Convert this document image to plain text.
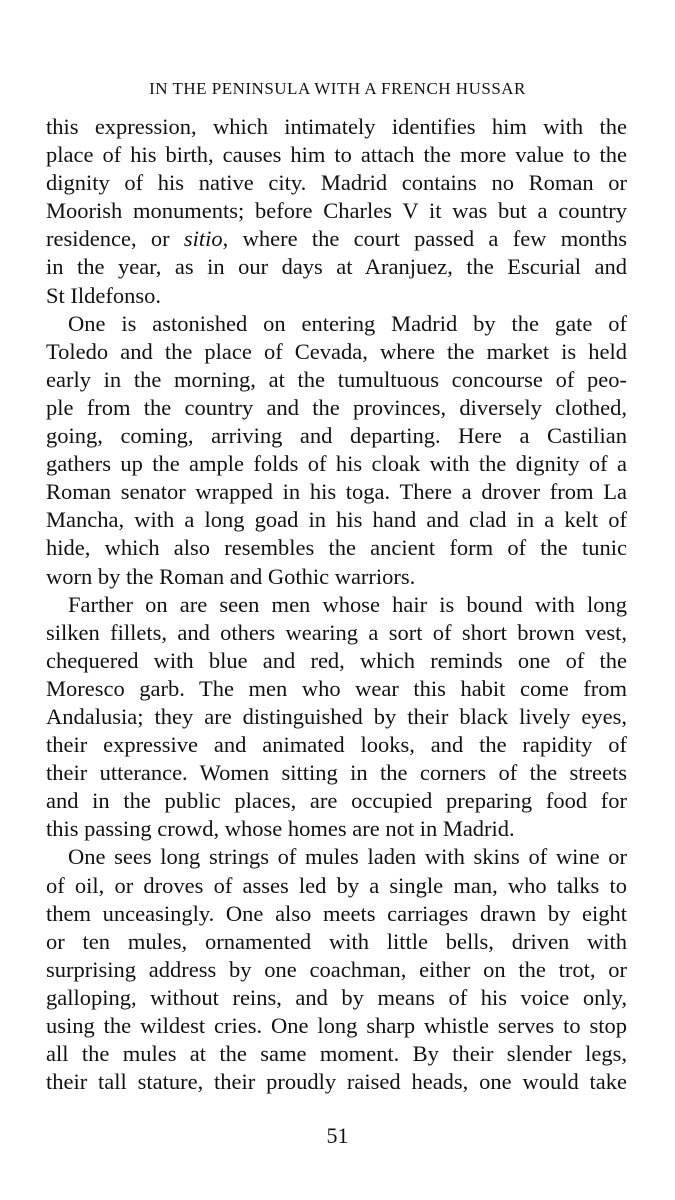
IN THE PENINSULA WITH A FRENCH HUSSAR

this expression, which intimately identifies him with the
place of his birth, causes him to attach the more value to the
dignity of his native city. Madrid contains no Roman or
Moorish monuments; before Charles V it was but a country
residence, or sitio, where the court passed a few months
in the year, as in our days at Aranjuez, the Escurial and
St Ildefonso.

One is astonished on entering Madrid by the gate of
Toledo and the place of Cevada, where the market is held
early in the morning, at the tumultuous concourse of peo-
ple from the country and the provinces, diversely clothed,
going, coming, arriving and departing. Here a Castilian
gathers up the ample folds of his cloak with the dignity of a
Roman senator wrapped in his toga. There a drover from La
Mancha, with a long goad in his hand and clad in a kelt of
hide, which also resembles the ancient form of the tunic
worn by the Roman and Gothic warriors.

Farther on are seen men whose hair is bound with long
silken fillets, and others wearing a sort of short brown vest,
chequered with blue and red, which reminds one of the
Moresco garb. The men who wear this habit come from
Andalusia; they are distinguished by their black lively eyes,
their expressive and animated looks, and the rapidity of
their utterance. Women sitting in the corners of the streets
and in the public places, are occupied preparing food for
this passing crowd, whose homes are not in Madrid.

One sees long strings of mules laden with skins of wine or
of oil, or droves of asses led by a single man, who talks to
them unceasingly. One also meets carriages drawn by eight
or ten mules, ornamented with little bells, driven with
surprising address by one coachman, either on the trot, or
galloping, without reins, and by means of his voice only,
using the wildest cries. One long sharp whistle serves to stop
all the mules at the same moment. By their slender legs,
their tall stature, their proudly raised heads, one would take

51
